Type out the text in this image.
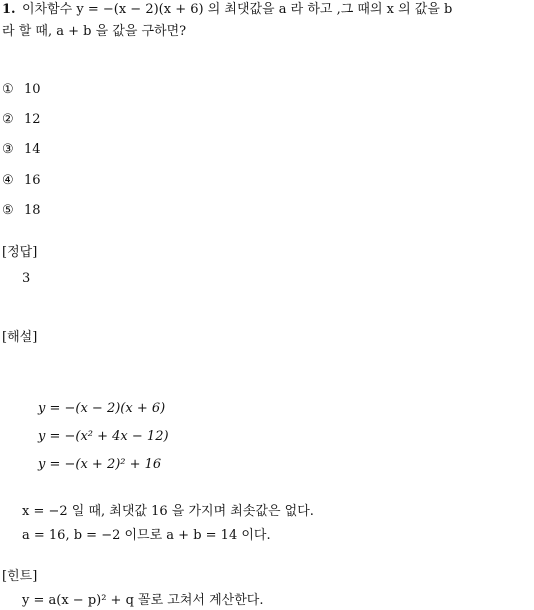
1. 이차함수 y = −(x − 2)(x + 6) 의 최댓값을 a 라 하고 ,그 때의 x 의 값을 b
라 할 때, a + b 을 값을 구하면?
① 10
② 12
③ 14
④ 16
⑤ 18
[정답]
3
[해설]
y = −(x − 2)(x + 6)
y = −(x² + 4x − 12)
y = −(x + 2)² + 16
x = −2 일 때, 최댓값 16 을 가지며 최솟값은 없다.
a = 16, b = −2 이므로 a + b = 14 이다.
[힌트]
y = a(x − p)² + q 꼴로 고쳐서 계산한다.
